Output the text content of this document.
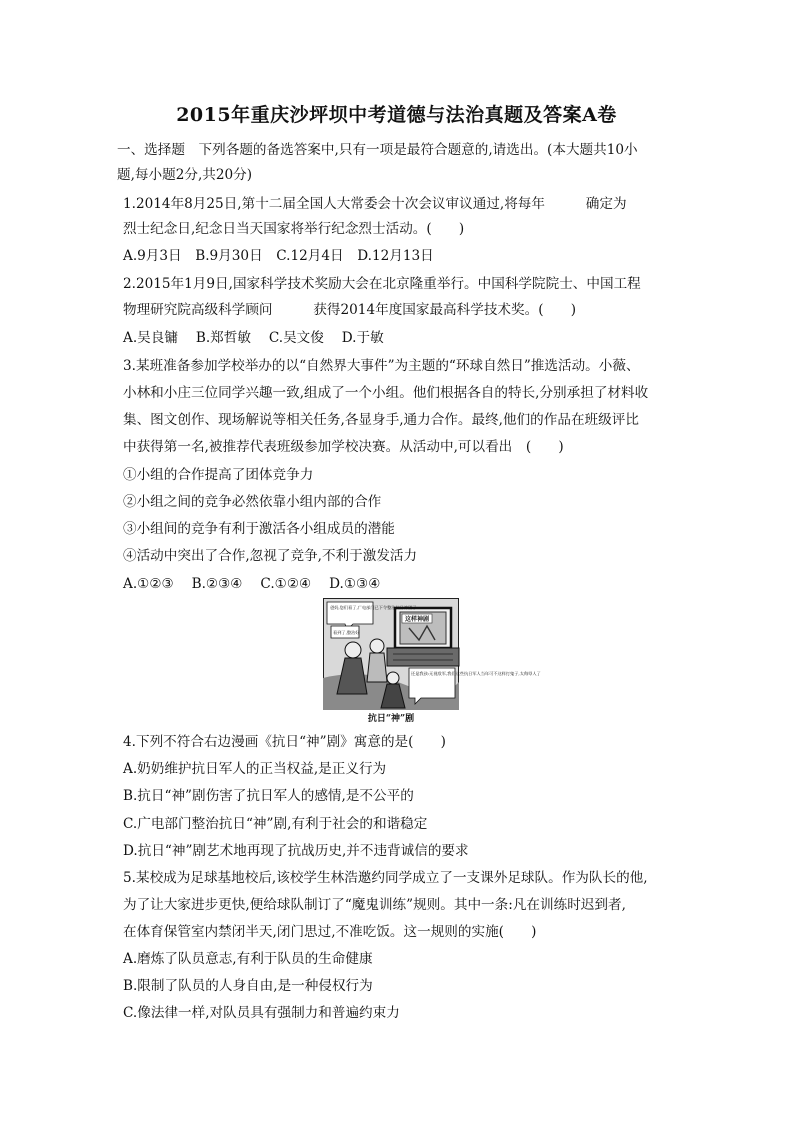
2015年重庆沙坪坝中考道德与法治真题及答案A卷
一、选择题　下列各题的备选答案中,只有一项是最符合题意的,请选出。(本大题共10小
题,每小题2分,共20分)
1.2014年8月25日,第十二届全国人大常委会十次会议审议通过,将每年　　　确定为
烈士纪念日,纪念日当天国家将举行纪念烈士活动。(　　)
A.9月3日　B.9月30日　C.12月4日　D.12月13日
2.2015年1月9日,国家科学技术奖励大会在北京隆重举行。中国科学院院士、中国工程
物理研究院高级科学顾问　　　获得2014年度国家最高科学技术奖。(　　)
A.吴良镛　 B.郑哲敏　 C.吴文俊　 D.于敏
3.某班准备参加学校举办的以“自然界大事件”为主题的“环球自然日”推选活动。小薇、
小林和小庄三位同学兴趣一致,组成了一个小组。他们根据各自的特长,分别承担了材料收
集、图文创作、现场解说等相关任务,各显身手,通力合作。最终,他们的作品在班级评比
中获得第一名,被推荐代表班级参加学校决赛。从活动中,可以看出　(　　)
①小组的合作提高了团体竞争力
②小组之间的竞争必然依靠小组内部的合作
③小组间的竞争有利于激活各小组成员的潜能
④活动中突出了合作,忽视了竞争,不利于激发活力
A.①②③　 B.②③④　 C.①②④　 D.①③④
这样神剧
爸妈,您们看了,广电部门已下令整治抗日神剧了
看到了,整治好
还是我孩:无视敌军,我们这些抗日军人当年可不这样打鬼子,太侮辱人了
抗日“神”剧
4.下列不符合右边漫画《抗日“神”剧》寓意的是(　　)
A.奶奶维护抗日军人的正当权益,是正义行为
B.抗日“神”剧伤害了抗日军人的感情,是不公平的
C.广电部门整治抗日“神”剧,有利于社会的和谐稳定
D.抗日“神”剧艺术地再现了抗战历史,并不违背诚信的要求
5.某校成为足球基地校后,该校学生林浩邀约同学成立了一支课外足球队。作为队长的他,
为了让大家进步更快,便给球队制订了“魔鬼训练”规则。其中一条:凡在训练时迟到者,
在体育保管室内禁闭半天,闭门思过,不准吃饭。这一规则的实施(　　)
A.磨炼了队员意志,有利于队员的生命健康
B.限制了队员的人身自由,是一种侵权行为
C.像法律一样,对队员具有强制力和普遍约束力
